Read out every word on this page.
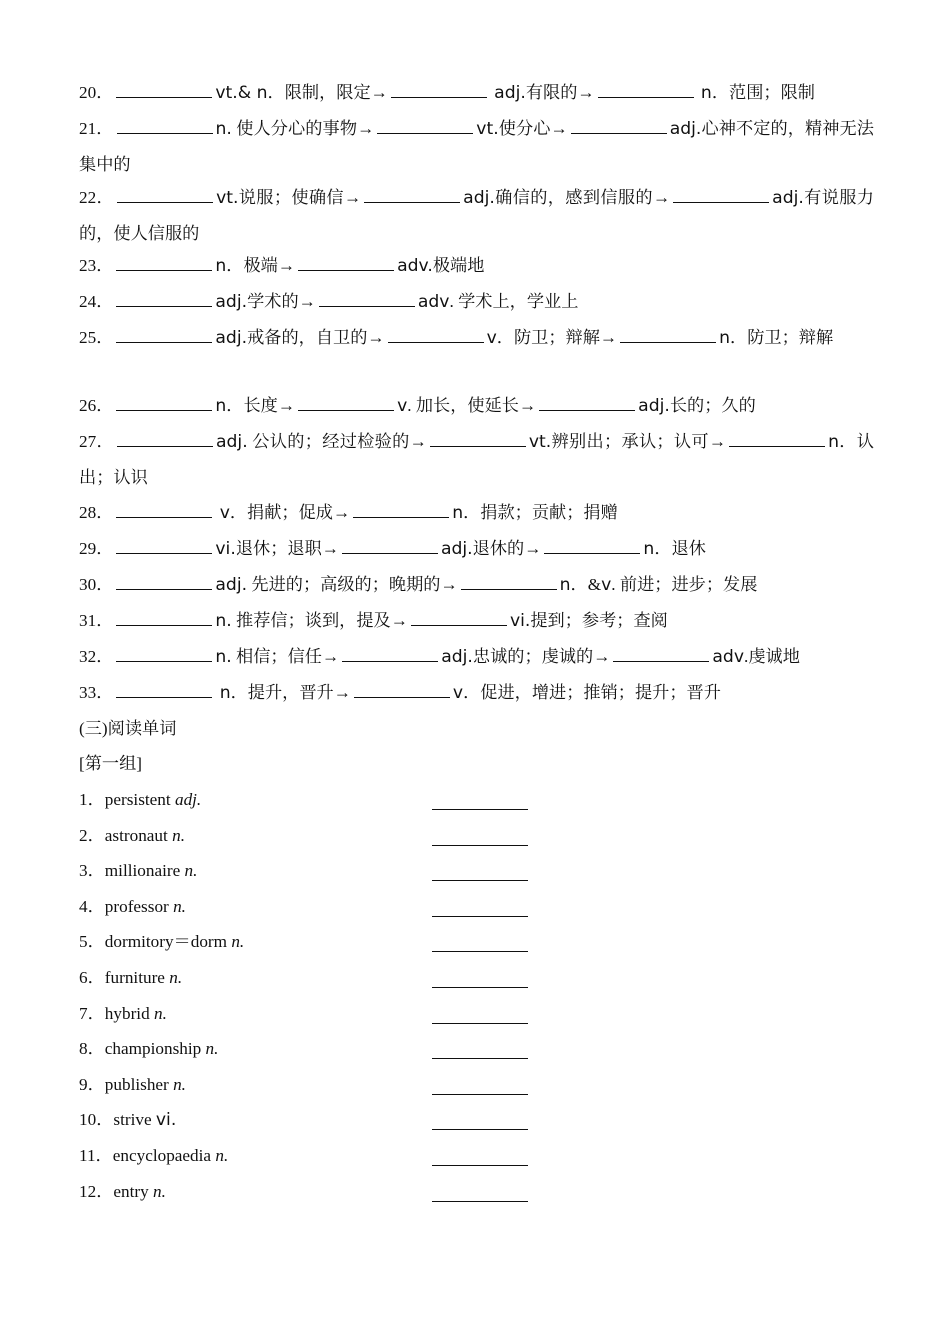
20．	vt.& n．限制，限定→	adj.有限的→	n．范围；限制
21．	n. 使人分心的事物→	vt.使分心→	adj.心神不定的，精神无法集中的
22．	vt.说服；使确信→	adj.确信的，感到信服的→	adj.有说服力的，使人信服的
23．	n．极端→	adv.极端地
24．	adj.学术的→	adv. 学术上，学业上
25．	adj.戒备的，自卫的→	v．防卫；辩解→	n．防卫；辩解
26．	n．长度→	v. 加长，使延长→	adj.长的；久的
27．	adj. 公认的；经过检验的→	vt.辨别出；承认；认可→	n．认出；认识
28．	v．捐献；促成→	n．捐款；贡献；捐赠
29．	vi.退休；退职→	adj.退休的→	n．退休
30．	adj. 先进的；高级的；晚期的→	n．&v. 前进；进步；发展
31．	n. 推荐信；谈到，提及→	vi.提到；参考；查阅
32．	n. 相信；信任→	adj.忠诚的；虔诚的→	adv.虔诚地
33．	n．提升，晋升→	v．促进，增进；推销；提升；晋升
(三)阅读单词
[第一组]
1．persistent adj.
2．astronaut n.
3．millionaire n.
4．professor n.
5．dormitory＝dorm n.
6．furniture n.
7．hybrid n.
8．championship n.
9．publisher n.
10．strive vi.
11．encyclopaedia n.
12．entry n.
